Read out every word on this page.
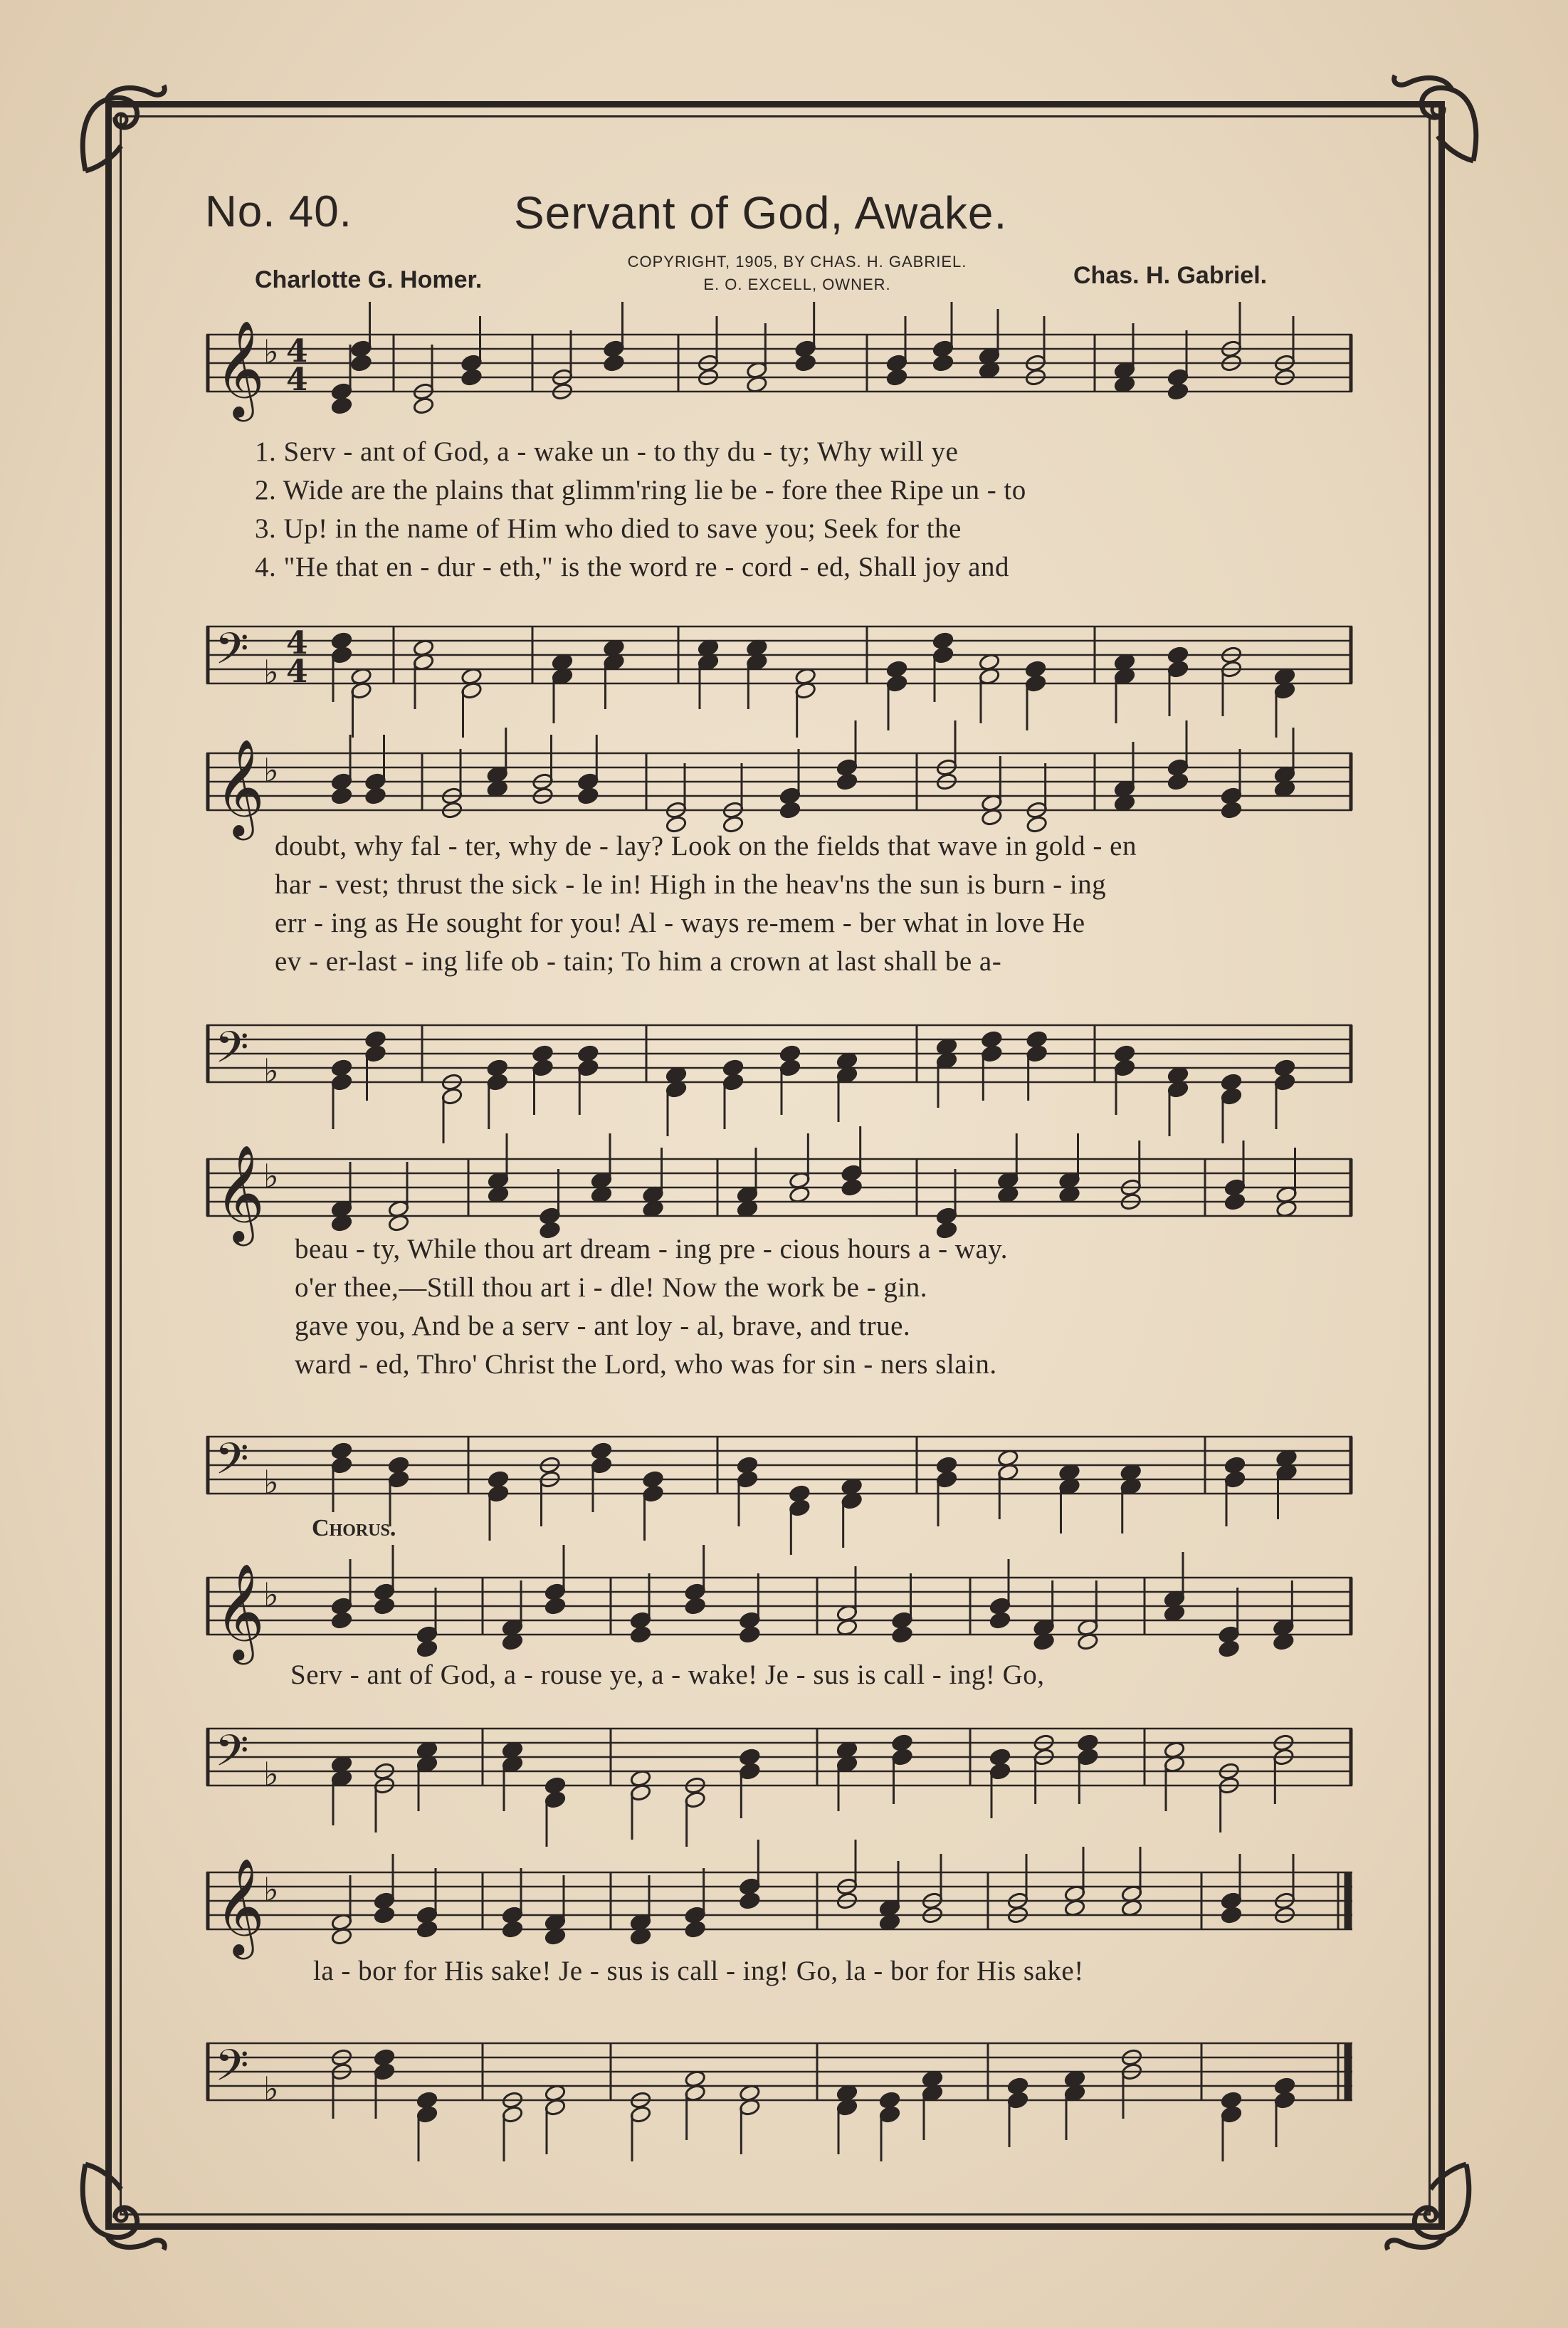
No. 40.	Servant of God, Awake.
Charlotte G. Homer.	Chas. H. Gabriel.
COPYRIGHT, 1905, BY CHAS. H. GABRIEL.
E. O. EXCELL, OWNER.
𝄞
♭ 4
4
1. Serv - ant of God, a - wake un - to thy du - ty; Why will ye
2. Wide are the plains that glimm'ring lie be - fore thee Ripe un - to
3. Up! in the name of Him who died to save you; Seek for the
4. "He that en - dur - eth," is the word re - cord - ed, Shall joy and
𝄢 ♭
4
4
𝄞
♭
doubt, why fal - ter, why de - lay? Look on the fields that wave in gold - en
har - vest; thrust the sick - le in! High in the heav'ns the sun is burn - ing
err - ing as He sought for you! Al - ways re-mem - ber what in love He
ev - er-last - ing life ob - tain; To him a crown at last shall be a-
𝄢 ♭
𝄞
♭
beau - ty, While thou art dream - ing pre - cious hours a - way.
o'er thee,—Still thou art i - dle! Now the work be - gin.
gave you, And be a serv - ant loy - al, brave, and true.
ward - ed, Thro' Christ the Lord, who was for sin - ners slain.
𝄢 ♭
Chorus.
𝄞
♭
Serv - ant of God, a - rouse ye, a - wake! Je - sus is call - ing! Go,
𝄢 ♭
𝄞
♭
la - bor for His sake! Je - sus is call - ing! Go, la - bor for His sake!
𝄢 ♭
